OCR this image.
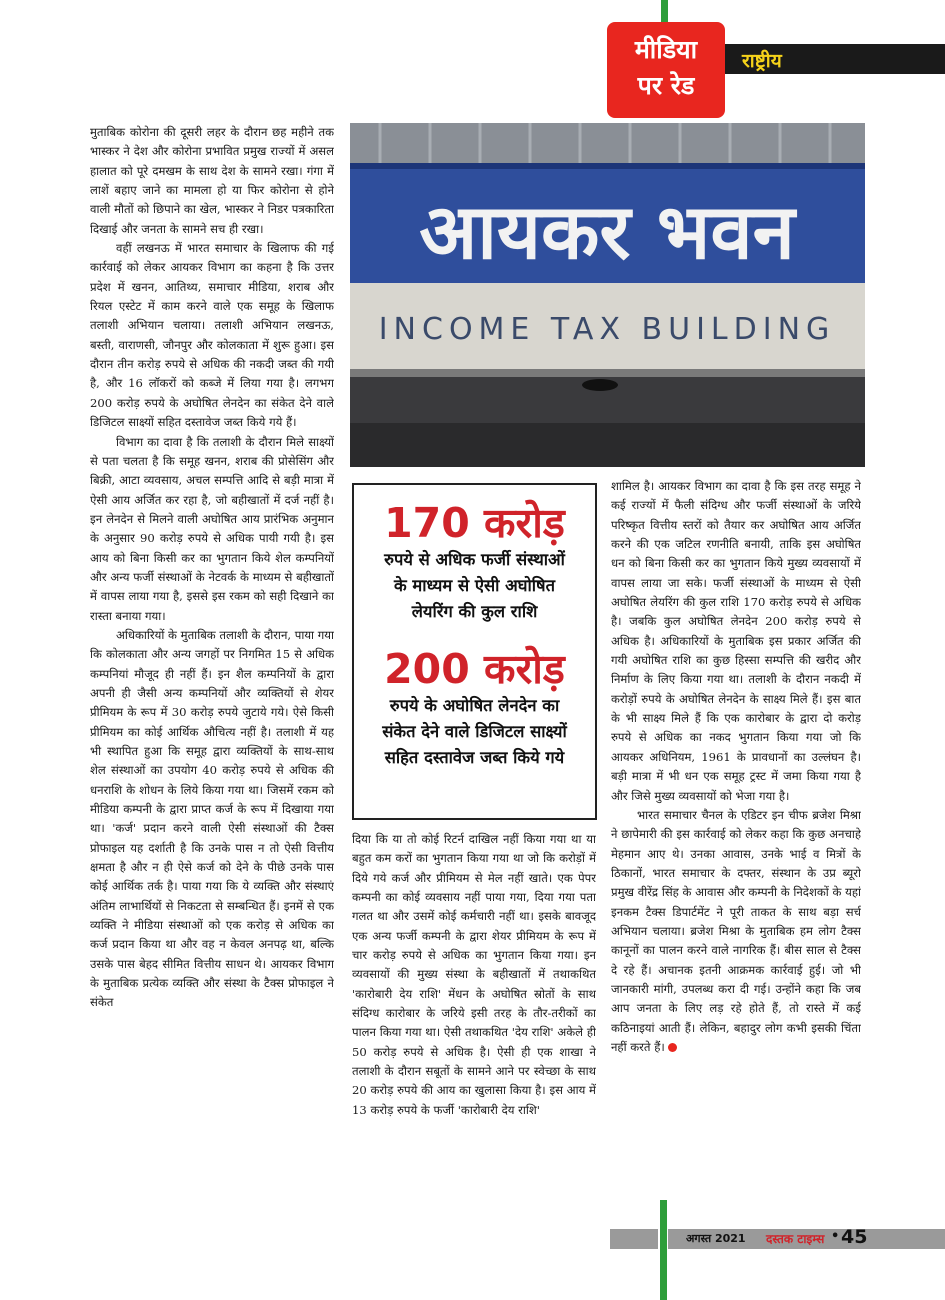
राष्ट्रीय
मीडिया
पर रेड

मुताबिक कोरोना की दूसरी लहर के दौरान छह महीने तक भास्कर ने देश और कोरोना प्रभावित प्रमुख राज्यों में असल हालात को पूरे दमखम के साथ देश के सामने रखा। गंगा में लाशें बहाए जाने का मामला हो या फिर कोरोना से होने वाली मौतों को छिपाने का खेल, भास्कर ने निडर पत्रकारिता दिखाई और जनता के सामने सच ही रखा।

वहीं लखनऊ में भारत समाचार के खिलाफ की गई कार्रवाई को लेकर आयकर विभाग का कहना है कि उत्तर प्रदेश में खनन, आतिथ्य, समाचार मीडिया, शराब और रियल एस्टेट में काम करने वाले एक समूह के खिलाफ तलाशी अभियान चलाया। तलाशी अभियान लखनऊ, बस्ती, वाराणसी, जौनपुर और कोलकाता में शुरू हुआ। इस दौरान तीन करोड़ रुपये से अधिक की नकदी जब्त की गयी है, और 16 लॉकरों को कब्जे में लिया गया है। लगभग 200 करोड़ रुपये के अघोषित लेनदेन का संकेत देने वाले डिजिटल साक्ष्यों सहित दस्तावेज जब्त किये गये हैं।

विभाग का दावा है कि तलाशी के दौरान मिले साक्ष्यों से पता चलता है कि समूह खनन, शराब की प्रोसेसिंग और बिक्री, आटा व्यवसाय, अचल सम्पत्ति आदि से बड़ी मात्रा में ऐसी आय अर्जित कर रहा है, जो बहीखातों में दर्ज नहीं है। इन लेनदेन से मिलने वाली अघोषित आय प्रारंभिक अनुमान के अनुसार 90 करोड़ रुपये से अधिक पायी गयी है। इस आय को बिना किसी कर का भुगतान किये शेल कम्पनियों और अन्य फर्जी संस्थाओं के नेटवर्क के माध्यम से बहीखातों में वापस लाया गया है, इससे इस रकम को सही दिखाने का रास्ता बनाया गया।

अधिकारियों के मुताबिक तलाशी के दौरान, पाया गया कि कोलकाता और अन्य जगहों पर निगमित 15 से अधिक कम्पनियां मौजूद ही नहीं हैं। इन शैल कम्पनियों के द्वारा अपनी ही जैसी अन्य कम्पनियों और व्यक्तियों से शेयर प्रीमियम के रूप में 30 करोड़ रुपये जुटाये गये। ऐसे किसी प्रीमियम का कोई आर्थिक औचित्य नहीं है। तलाशी में यह भी स्थापित हुआ कि समूह द्वारा व्यक्तियों के साथ-साथ शेल संस्थाओं का उपयोग 40 करोड़ रुपये से अधिक की धनराशि के शोधन के लिये किया गया था। जिसमें रकम को मीडिया कम्पनी के द्वारा प्राप्त कर्ज के रूप में दिखाया गया था। 'कर्ज' प्रदान करने वाली ऐसी संस्थाओं की टैक्स प्रोफाइल यह दर्शाती है कि उनके पास न तो ऐसी वित्तीय क्षमता है और न ही ऐसे कर्ज को देने के पीछे उनके पास कोई आर्थिक तर्क है। पाया गया कि ये व्यक्ति और संस्थाएं अंतिम लाभार्थियों से निकटता से सम्बन्धित हैं। इनमें से एक व्यक्ति ने मीडिया संस्थाओं को एक करोड़ से अधिक का कर्ज प्रदान किया था और वह न केवल अनपढ़ था, बल्कि उसके पास बेहद सीमित वित्तीय साधन थे। आयकर विभाग के मुताबिक प्रत्येक व्यक्ति और संस्था के टैक्स प्रोफाइल ने संकेत

आयकर भवन
INCOME TAX BUILDING
170 करोड़
रुपये से अधिक फर्जी संस्थाओं
के माध्यम से ऐसी अघोषित
लेयरिंग की कुल राशि
200 करोड़
रुपये के अघोषित लेनदेन का
संकेत देने वाले डिजिटल साक्ष्यों
सहित दस्तावेज जब्त किये गये

दिया कि या तो कोई रिटर्न दाखिल नहीं किया गया था या बहुत कम करों का भुगतान किया गया था जो कि करोड़ों में दिये गये कर्ज और प्रीमियम से मेल नहीं खाते। एक पेपर कम्पनी का कोई व्यवसाय नहीं पाया गया, दिया गया पता गलत था और उसमें कोई कर्मचारी नहीं था। इसके बावजूद एक अन्य फर्जी कम्पनी के द्वारा शेयर प्रीमियम के रूप में चार करोड़ रुपये से अधिक का भुगतान किया गया। इन व्यवसायों की मुख्य संस्था के बहीखातों में तथाकथित 'कारोबारी देय राशि' मेंधन के अघोषित स्रोतों के साथ संदिग्ध कारोबार के जरिये इसी तरह के तौर-तरीकों का पालन किया गया था। ऐसी तथाकथित 'देय राशि' अकेले ही 50 करोड़ रुपये से अधिक है। ऐसी ही एक शाखा ने तलाशी के दौरान सबूतों के सामने आने पर स्वेच्छा के साथ 20 करोड़ रुपये की आय का खुलासा किया है। इस आय में 13 करोड़ रुपये के फर्जी 'कारोबारी देय राशि'

शामिल है। आयकर विभाग का दावा है कि इस तरह समूह ने कई राज्यों में फैली संदिग्ध और फर्जी संस्थाओं के जरिये परिष्कृत वित्तीय स्तरों को तैयार कर अघोषित आय अर्जित करने की एक जटिल रणनीति बनायी, ताकि इस अघोषित धन को बिना किसी कर का भुगतान किये मुख्य व्यवसायों में वापस लाया जा सके। फर्जी संस्थाओं के माध्यम से ऐसी अघोषित लेयरिंग की कुल राशि 170 करोड़ रुपये से अधिक है। जबकि कुल अघोषित लेनदेन 200 करोड़ रुपये से अधिक है। अधिकारियों के मुताबिक इस प्रकार अर्जित की गयी अघोषित राशि का कुछ हिस्सा सम्पत्ति की खरीद और निर्माण के लिए किया गया था। तलाशी के दौरान नकदी में करोड़ों रुपये के अघोषित लेनदेन के साक्ष्य मिले हैं। इस बात के भी साक्ष्य मिले हैं कि एक कारोबार के द्वारा दो करोड़ रुपये से अधिक का नकद भुगतान किया गया जो कि आयकर अधिनियम, 1961 के प्रावधानों का उल्लंघन है। बड़ी मात्रा में भी धन एक समूह ट्रस्ट में जमा किया गया है और जिसे मुख्य व्यवसायों को भेजा गया है।

भारत समाचार चैनल के एडिटर इन चीफ ब्रजेश मिश्रा ने छापेमारी की इस कार्रवाई को लेकर कहा कि कुछ अनचाहे मेहमान आए थे। उनका आवास, उनके भाई व मित्रों के ठिकानों, भारत समाचार के दफ्तर, संस्थान के उप्र ब्यूरो प्रमुख वीरेंद्र सिंह के आवास और कम्पनी के निदेशकों के यहां इनकम टैक्स डिपार्टमेंट ने पूरी ताकत के साथ बड़ा सर्च अभियान चलाया। ब्रजेश मिश्रा के मुताबिक हम लोग टैक्स कानूनों का पालन करने वाले नागरिक हैं। बीस साल से टैक्स दे रहे हैं। अचानक इतनी आक्रमक कार्रवाई हुई। जो भी जानकारी मांगी, उपलब्ध करा दी गई। उन्होंने कहा कि जब आप जनता के लिए लड़ रहे होते हैं, तो रास्ते में कई कठिनाइयां आती हैं। लेकिन, बहादुर लोग कभी इसकी चिंता नहीं करते हैं।

अगस्त 2021 दस्तक टाइम्स • 45
